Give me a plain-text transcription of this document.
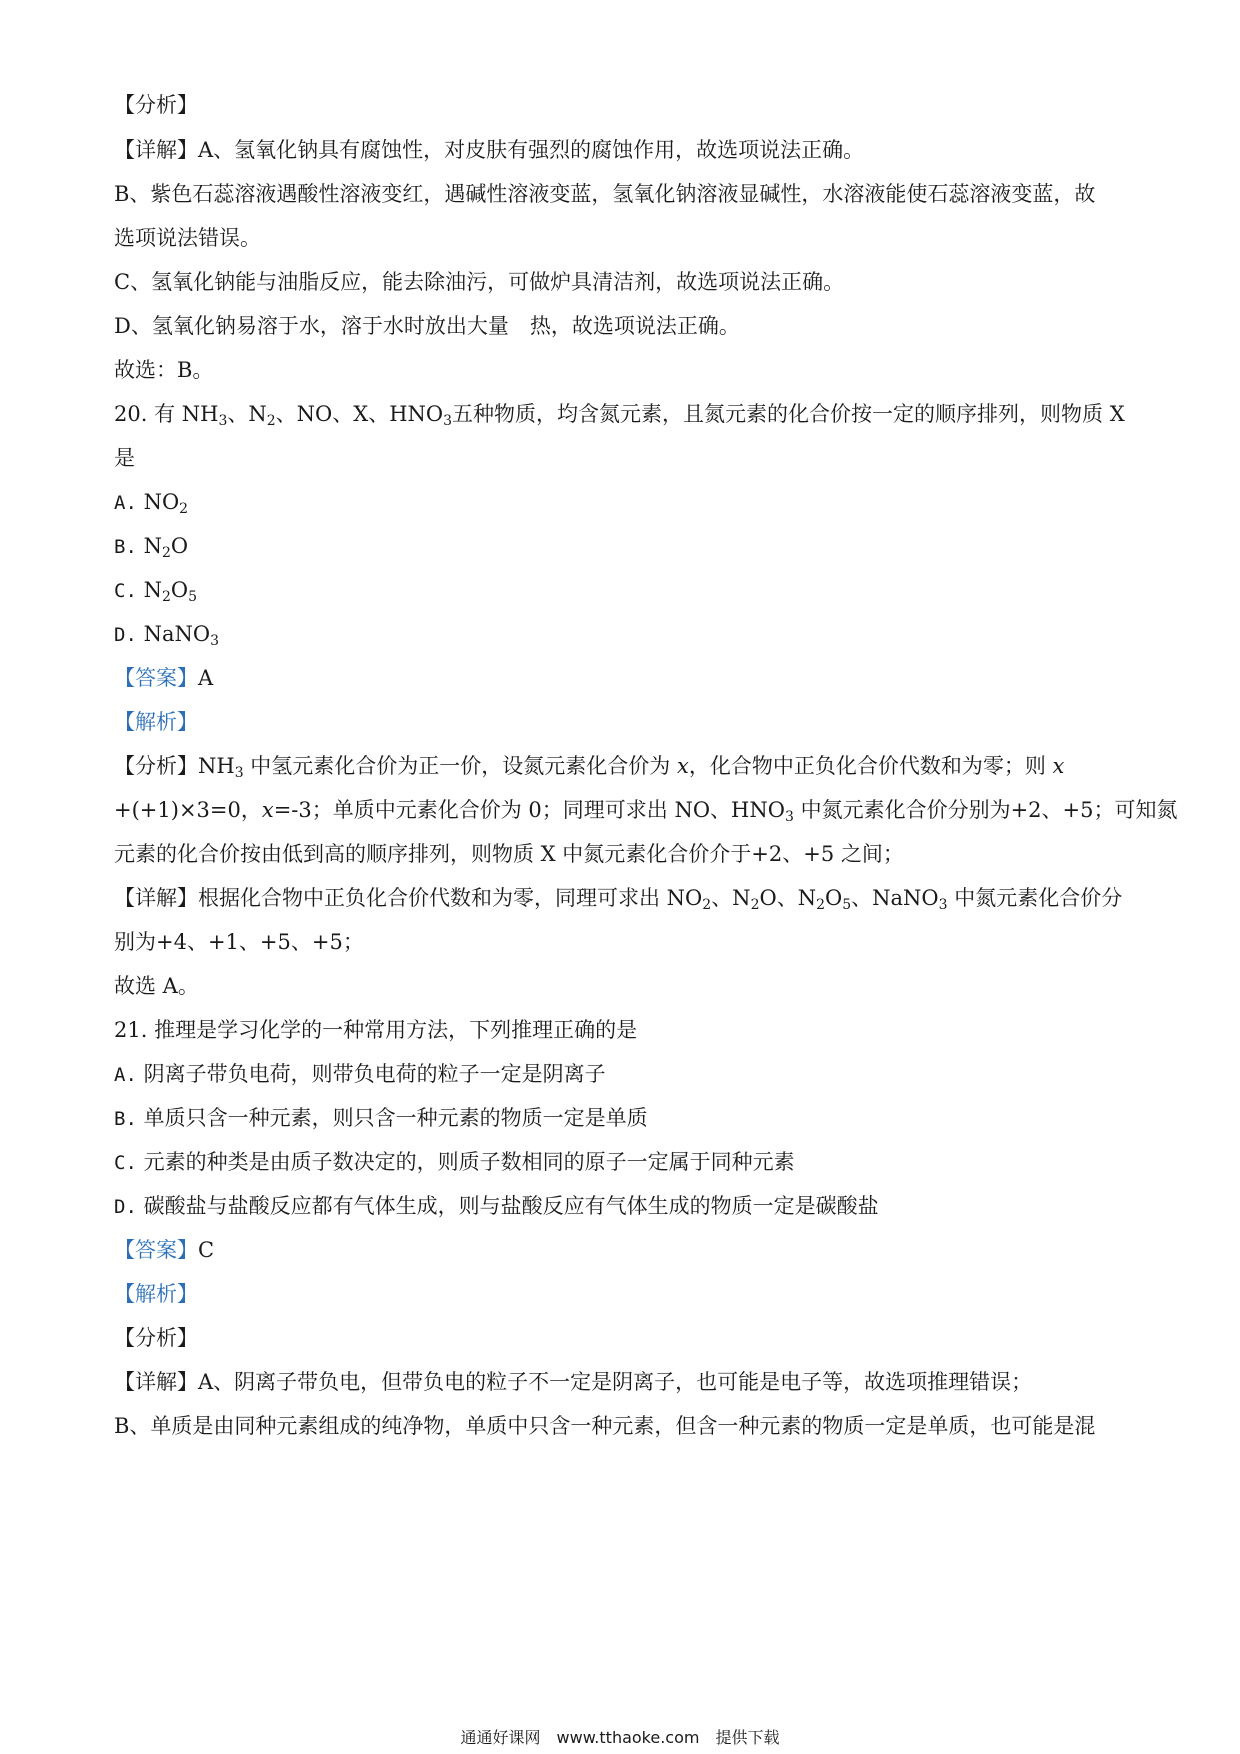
【分析】
【详解】A、氢氧化钠具有腐蚀性，对皮肤有强烈的腐蚀作用，故选项说法正确。
B、紫色石蕊溶液遇酸性溶液变红，遇碱性溶液变蓝，氢氧化钠溶液显碱性，水溶液能使石蕊溶液变蓝，故
选项说法错误。
C、氢氧化钠能与油脂反应，能去除油污，可做炉具清洁剂，故选项说法正确。
D、氢氧化钠易溶于水，溶于水时放出大量　热，故选项说法正确。
故选：B。
20. 有 $NH_3$、$N_2$、NO、X、$HNO_3$五种物质，均含氮元素，且氮元素的化合价按一定的顺序排列，则物质 X
是
A. $NO_2$
B. $N_2O$
C. $N_2O_5$
D. NaNO$_3$
【答案】A
【解析】
【分析】$NH_3$ 中氢元素化合价为正一价，设氮元素化合价为 x，化合物中正负化合价代数和为零；则 x
+(+1)×3=0，x=-3；单质中元素化合价为 0；同理可求出 NO、$HNO_3$ 中氮元素化合价分别为+2、+5；可知氮
元素的化合价按由低到高的顺序排列，则物质 X 中氮元素化合价介于+2、+5 之间；
【详解】根据化合物中正负化合价代数和为零，同理可求出 $NO_2$、$N_2O$、$N_2O_5$、NaNO$_3$ 中氮元素化合价分
别为+4、+1、+5、+5；
故选 A。
21. 推理是学习化学的一种常用方法，下列推理正确的是
A. 阴离子带负电荷，则带负电荷的粒子一定是阴离子
B. 单质只含一种元素，则只含一种元素的物质一定是单质
C. 元素的种类是由质子数决定的，则质子数相同的原子一定属于同种元素
D. 碳酸盐与盐酸反应都有气体生成，则与盐酸反应有气体生成的物质一定是碳酸盐
【答案】C
【解析】
【分析】
【详解】A、阴离子带负电，但带负电的粒子不一定是阴离子，也可能是电子等，故选项推理错误；
B、单质是由同种元素组成的纯净物，单质中只含一种元素，但含一种元素的物质一定是单质，也可能是混
通通好课网　www.tthaoke.com　提供下载
